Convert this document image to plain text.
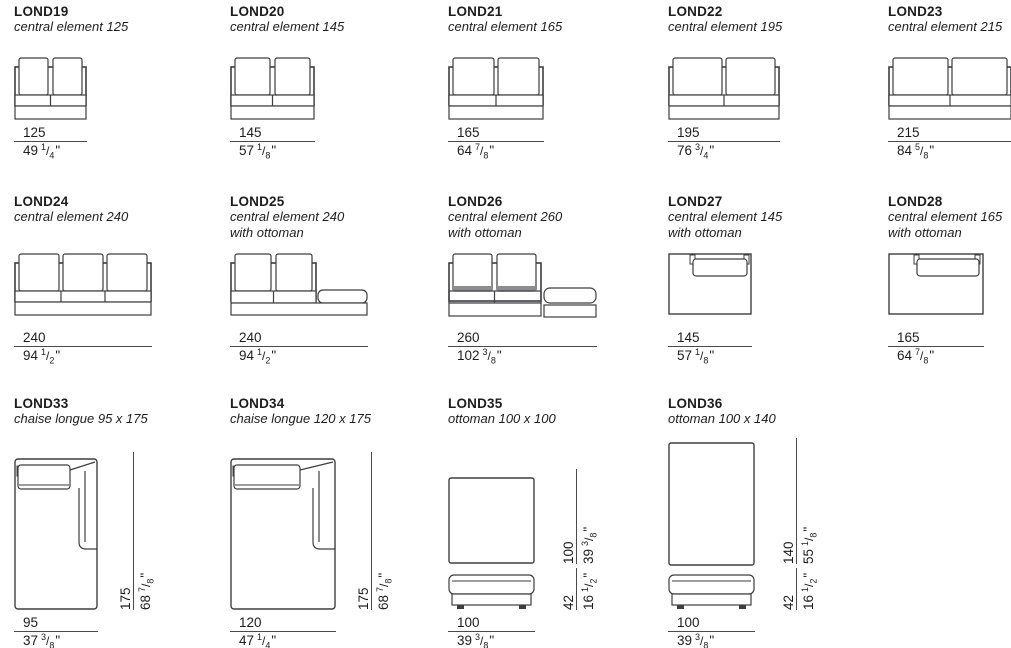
LOND19
central element 125
125
49 $^1/_4$"
LOND20
central element 145
145
57 $^1/_8$"
LOND21
central element 165
165
64 $^7/_8$"
LOND22
central element 195
195
76 $^3/_4$"
LOND23
central element 215
215
84 $^5/_8$"
LOND24
central element 240
240
94 $^1/_2$"
LOND25
central element 240
with ottoman
240
94 $^1/_2$"
LOND26
central element 260
with ottoman
260
102 $^3/_8$"
LOND27
central element 145
with ottoman
145
57 $^1/_8$"
LOND28
central element 165
with ottoman
165
64 $^7/_8$"
LOND33
chaise longue 95 x 175
175 $68^7/_8$"
95
37 $^3/_8$"
LOND34
chaise longue 120 x 175
175 $68^7/_8$"
120
47 $^1/_4$"
LOND35
ottoman 100 x 100
100 $39^3/_8$"
42 $16^1/_2$"
100
39 $^3/_8$"
LOND36
ottoman 100 x 140
140 $55^1/_8$"
42 $16^1/_2$"
100
39 $^3/_8$"
